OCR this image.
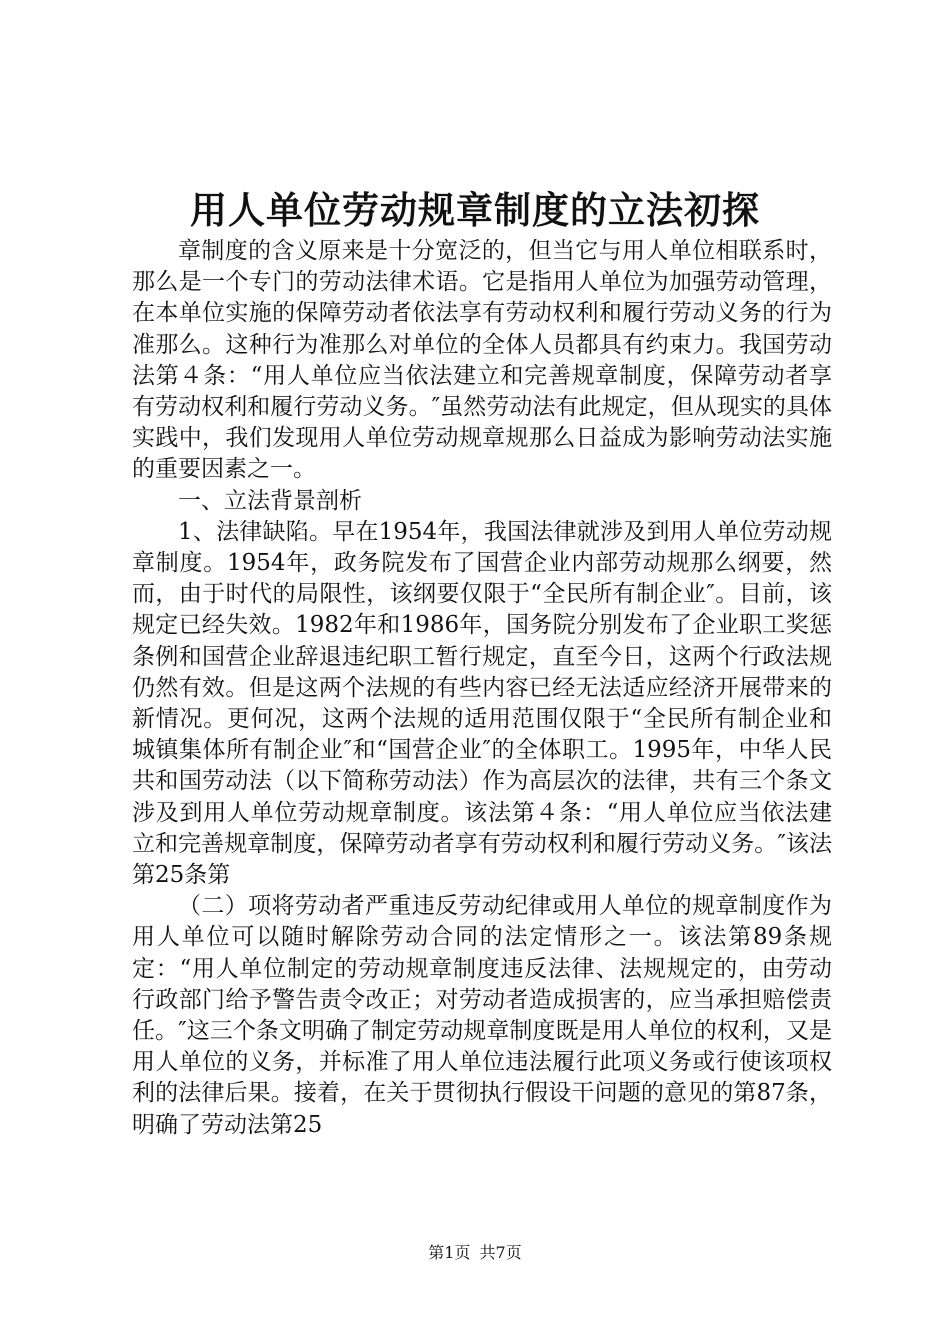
用人单位劳动规章制度的立法初探

章制度的含义原来是十分宽泛的，但当它与用人单位相联系时，那么是一个专门的劳动法律术语。它是指用人单位为加强劳动管理，在本单位实施的保障劳动者依法享有劳动权利和履行劳动义务的行为准那么。这种行为准那么对单位的全体人员都具有约束力。我国劳动法第４条：“用人单位应当依法建立和完善规章制度，保障劳动者享有劳动权利和履行劳动义务。″虽然劳动法有此规定，但从现实的具体实践中，我们发现用人单位劳动规章规那么日益成为影响劳动法实施的重要因素之一。

一、立法背景剖析

1、法律缺陷。早在1954年，我国法律就涉及到用人单位劳动规章制度。1954年，政务院发布了国营企业内部劳动规那么纲要，然而，由于时代的局限性，该纲要仅限于“全民所有制企业″。目前，该规定已经失效。1982年和1986年，国务院分别发布了企业职工奖惩条例和国营企业辞退违纪职工暂行规定，直至今日，这两个行政法规仍然有效。但是这两个法规的有些内容已经无法适应经济开展带来的新情况。更何况，这两个法规的适用范围仅限于“全民所有制企业和城镇集体所有制企业″和“国营企业″的全体职工。1995年，中华人民共和国劳动法（以下简称劳动法）作为高层次的法律，共有三个条文涉及到用人单位劳动规章制度。该法第４条：“用人单位应当依法建立和完善规章制度，保障劳动者享有劳动权利和履行劳动义务。″该法第25条第

（二）项将劳动者严重违反劳动纪律或用人单位的规章制度作为用人单位可以随时解除劳动合同的法定情形之一。该法第89条规定：“用人单位制定的劳动规章制度违反法律、法规规定的，由劳动行政部门给予警告责令改正；对劳动者造成损害的，应当承担赔偿责任。″这三个条文明确了制定劳动规章制度既是用人单位的权利，又是用人单位的义务，并标准了用人单位违法履行此项义务或行使该项权利的法律后果。接着，在关于贯彻执行假设干问题的意见的第87条，明确了劳动法第25

第1页 共7页
